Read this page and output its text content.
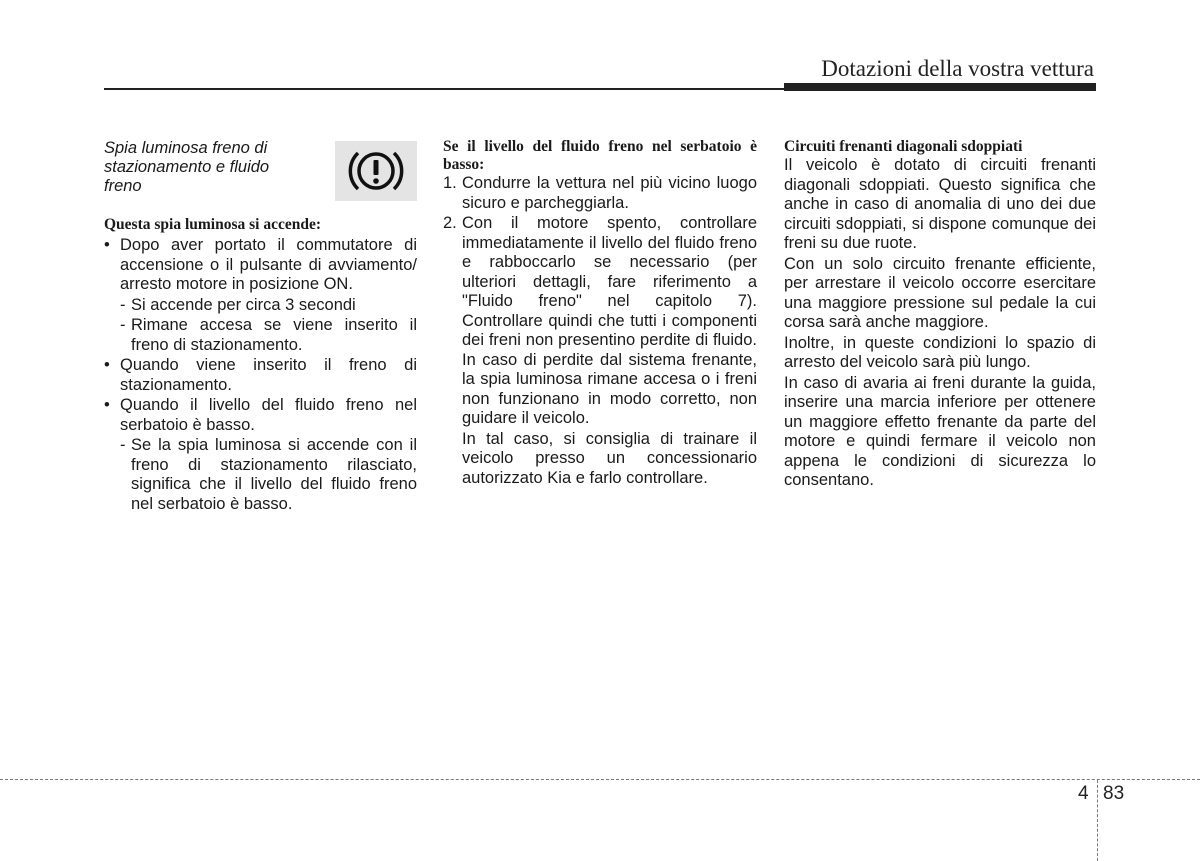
Dotazioni della vostra vettura
Spia luminosa freno di stazionamento e fluido freno

Questa spia luminosa si accende:

• Dopo aver portato il commutatore di accensione o il pulsante di avviamento/ arresto motore in posizione ON.
- Si accende per circa 3 secondi
- Rimane accesa se viene inserito il freno di stazionamento.
• Quando viene inserito il freno di stazionamento.
• Quando il livello del fluido freno nel serbatoio è basso.
- Se la spia luminosa si accende con il freno di stazionamento rilasciato, significa che il livello del fluido freno nel serbatoio è basso.

Se il livello del fluido freno nel serbatoio è basso:

1. Condurre la vettura nel più vicino luogo sicuro e parcheggiarla.
2. Con il motore spento, controllare immediatamente il livello del fluido freno e rabboccarlo se necessario (per ulteriori dettagli, fare riferimento a "Fluido freno" nel capitolo 7). Controllare quindi che tutti i componenti dei freni non presentino perdite di fluido. In caso di perdite dal sistema frenante, la spia luminosa rimane accesa o i freni non funzionano in modo corretto, non guidare il veicolo.

In tal caso, si consiglia di trainare il veicolo presso un concessionario autorizzato Kia e farlo controllare.

Circuiti frenanti diagonali sdoppiati

Il veicolo è dotato di circuiti frenanti diagonali sdoppiati. Questo significa che anche in caso di anomalia di uno dei due circuiti sdoppiati, si dispone comunque dei freni su due ruote.

Con un solo circuito frenante efficiente, per arrestare il veicolo occorre esercitare una maggiore pressione sul pedale la cui corsa sarà anche maggiore.

Inoltre, in queste condizioni lo spazio di arresto del veicolo sarà più lungo.

In caso di avaria ai freni durante la guida, inserire una marcia inferiore per ottenere un maggiore effetto frenante da parte del motore e quindi fermare il veicolo non appena le condizioni di sicurezza lo consentano.

4 83
